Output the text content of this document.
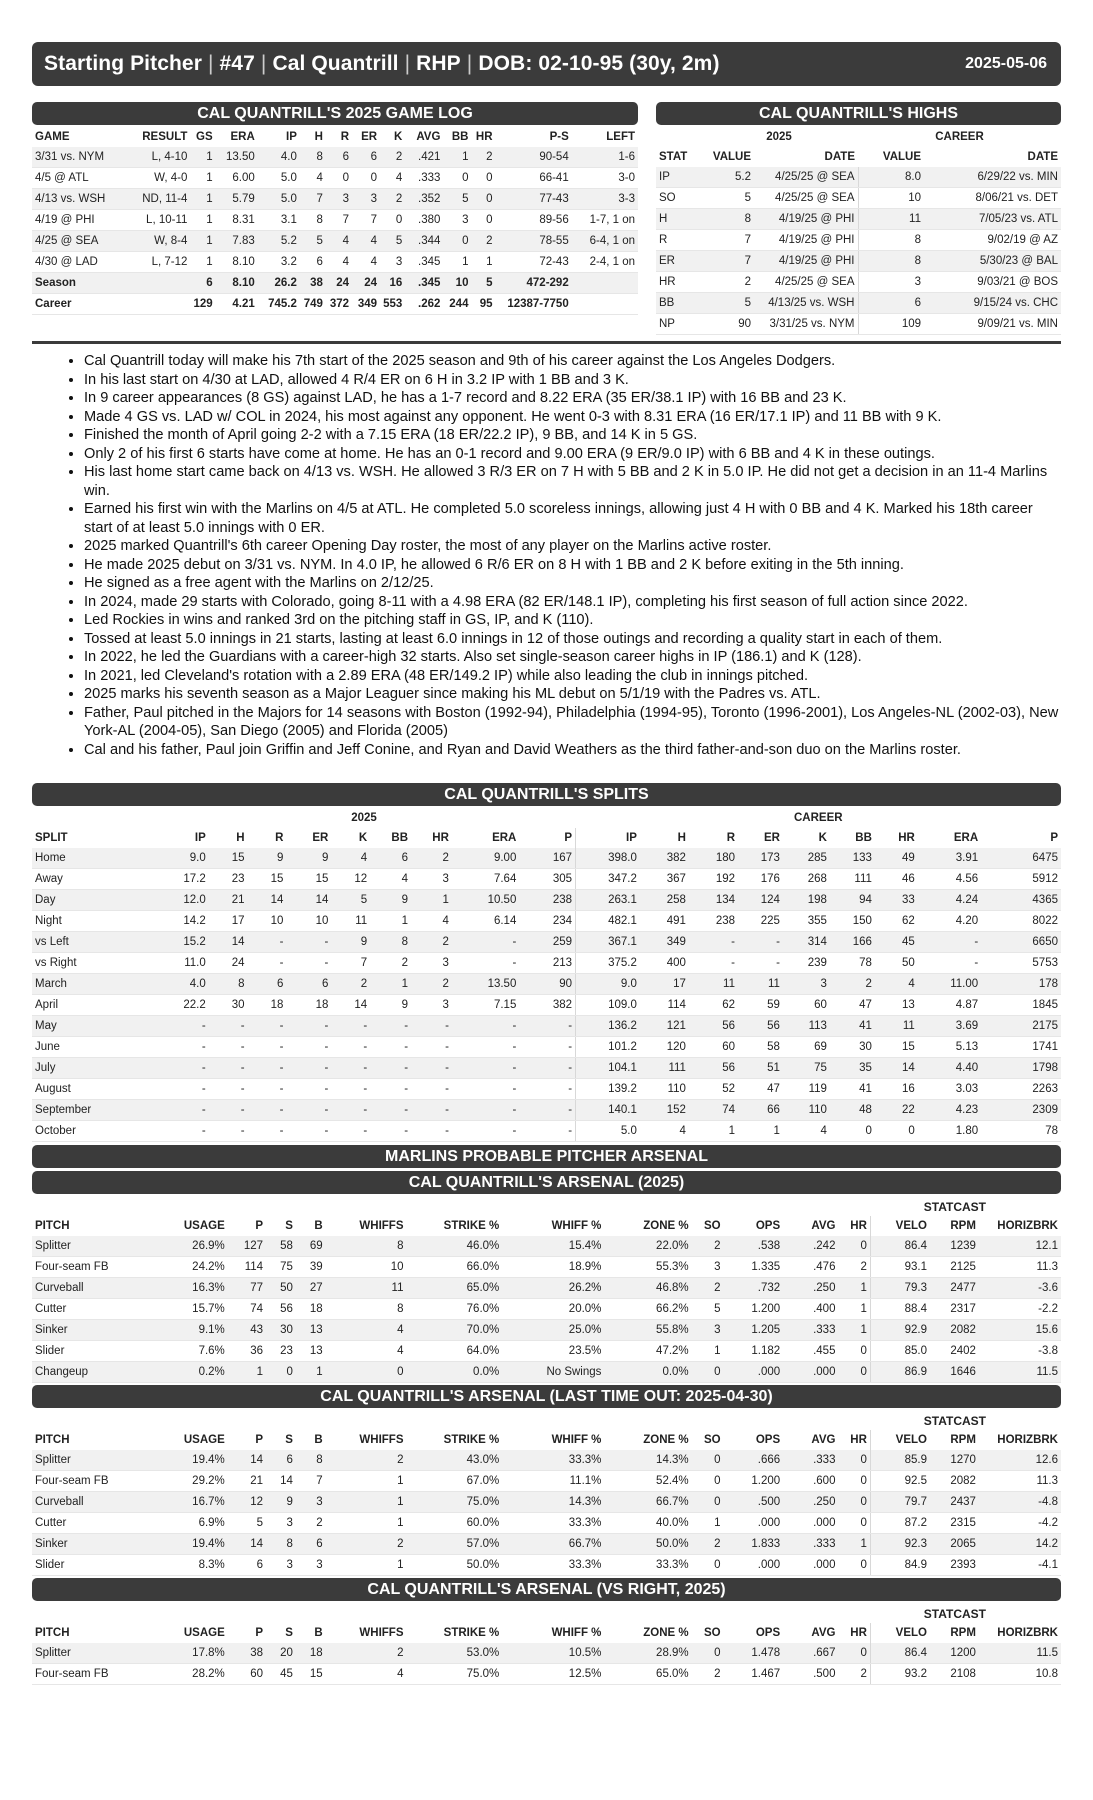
Starting Pitcher | #47 | Cal Quantrill | RHP | DOB: 02-10-95 (30y, 2m)	2025-05-06
CAL QUANTRILL'S 2025 GAME LOG
GAME	RESULT	GS	ERA	IP	H	R	ER	K	AVG	BB	HR	P-S	LEFT
3/31 vs. NYM	L, 4-10	1	13.50	4.0	8	6	6	2	.421	1	2	90-54	1-6
4/5 @ ATL	W, 4-0	1	6.00	5.0	4	0	0	4	.333	0	0	66-41	3-0
4/13 vs. WSH	ND, 11-4	1	5.79	5.0	7	3	3	2	.352	5	0	77-43	3-3
4/19 @ PHI	L, 10-11	1	8.31	3.1	8	7	7	0	.380	3	0	89-56	1-7, 1 on
4/25 @ SEA	W, 8-4	1	7.83	5.2	5	4	4	5	.344	0	2	78-55	6-4, 1 on
4/30 @ LAD	L, 7-12	1	8.10	3.2	6	4	4	3	.345	1	1	72-43	2-4, 1 on
Season		6	8.10	26.2	38	24	24	16	.345	10	5	472-292	
Career		129	4.21	745.2	749	372	349	553	.262	244	95	12387-7750	
CAL QUANTRILL'S HIGHS
	2025		CAREER	
STAT	VALUE	DATE	VALUE	DATE
IP	5.2	4/25/25 @ SEA	8.0	6/29/22 vs. MIN
SO	5	4/25/25 @ SEA	10	8/06/21 vs. DET
H	8	4/19/25 @ PHI	11	7/05/23 vs. ATL
R	7	4/19/25 @ PHI	8	9/02/19 @ AZ
ER	7	4/19/25 @ PHI	8	5/30/23 @ BAL
HR	2	4/25/25 @ SEA	3	9/03/21 @ BOS
BB	5	4/13/25 vs. WSH	6	9/15/24 vs. CHC
NP	90	3/31/25 vs. NYM	109	9/09/21 vs. MIN
• Cal Quantrill today will make his 7th start of the 2025 season and 9th of his career against the Los Angeles Dodgers.
• In his last start on 4/30 at LAD, allowed 4 R/4 ER on 6 H in 3.2 IP with 1 BB and 3 K.
• In 9 career appearances (8 GS) against LAD, he has a 1-7 record and 8.22 ERA (35 ER/38.1 IP) with 16 BB and 23 K.
• Made 4 GS vs. LAD w/ COL in 2024, his most against any opponent. He went 0-3 with 8.31 ERA (16 ER/17.1 IP) and 11 BB with 9 K.
• Finished the month of April going 2-2 with a 7.15 ERA (18 ER/22.2 IP), 9 BB, and 14 K in 5 GS.
• Only 2 of his first 6 starts have come at home. He has an 0-1 record and 9.00 ERA (9 ER/9.0 IP) with 6 BB and 4 K in these outings.
• His last home start came back on 4/13 vs. WSH. He allowed 3 R/3 ER on 7 H with 5 BB and 2 K in 5.0 IP. He did not get a decision in an 11-4 Marlins win.
• Earned his first win with the Marlins on 4/5 at ATL. He completed 5.0 scoreless innings, allowing just 4 H with 0 BB and 4 K. Marked his 18th career start of at least 5.0 innings with 0 ER.
• 2025 marked Quantrill's 6th career Opening Day roster, the most of any player on the Marlins active roster.
• He made 2025 debut on 3/31 vs. NYM. In 4.0 IP, he allowed 6 R/6 ER on 8 H with 1 BB and 2 K before exiting in the 5th inning.
• He signed as a free agent with the Marlins on 2/12/25.
• In 2024, made 29 starts with Colorado, going 8-11 with a 4.98 ERA (82 ER/148.1 IP), completing his first season of full action since 2022.
• Led Rockies in wins and ranked 3rd on the pitching staff in GS, IP, and K (110).
• Tossed at least 5.0 innings in 21 starts, lasting at least 6.0 innings in 12 of those outings and recording a quality start in each of them.
• In 2022, he led the Guardians with a career-high 32 starts. Also set single-season career highs in IP (186.1) and K (128).
• In 2021, led Cleveland's rotation with a 2.89 ERA (48 ER/149.2 IP) while also leading the club in innings pitched.
• 2025 marks his seventh season as a Major Leaguer since making his ML debut on 5/1/19 with the Padres vs. ATL.
• Father, Paul pitched in the Majors for 14 seasons with Boston (1992-94), Philadelphia (1994-95), Toronto (1996-2001), Los Angeles-NL (2002-03), New York-AL (2004-05), San Diego (2005) and Florida (2005)
• Cal and his father, Paul join Griffin and Jeff Conine, and Ryan and David Weathers as the third father-and-son duo on the Marlins roster.
CAL QUANTRILL'S SPLITS
	2025									CAREER								
SPLIT	IP	H	R	ER	K	BB	HR	ERA	P	IP	H	R	ER	K	BB	HR	ERA	P
Home	9.0	15	9	9	4	6	2	9.00	167	398.0	382	180	173	285	133	49	3.91	6475
Away	17.2	23	15	15	12	4	3	7.64	305	347.2	367	192	176	268	111	46	4.56	5912
Day	12.0	21	14	14	5	9	1	10.50	238	263.1	258	134	124	198	94	33	4.24	4365
Night	14.2	17	10	10	11	1	4	6.14	234	482.1	491	238	225	355	150	62	4.20	8022
vs Left	15.2	14	-	-	9	8	2	-	259	367.1	349	-	-	314	166	45	-	6650
vs Right	11.0	24	-	-	7	2	3	-	213	375.2	400	-	-	239	78	50	-	5753
March	4.0	8	6	6	2	1	2	13.50	90	9.0	17	11	11	3	2	4	11.00	178
April	22.2	30	18	18	14	9	3	7.15	382	109.0	114	62	59	60	47	13	4.87	1845
May	-	-	-	-	-	-	-	-	-	136.2	121	56	56	113	41	11	3.69	2175
June	-	-	-	-	-	-	-	-	-	101.2	120	60	58	69	30	15	5.13	1741
July	-	-	-	-	-	-	-	-	-	104.1	111	56	51	75	35	14	4.40	1798
August	-	-	-	-	-	-	-	-	-	139.2	110	52	47	119	41	16	3.03	2263
September	-	-	-	-	-	-	-	-	-	140.1	152	74	66	110	48	22	4.23	2309
October	-	-	-	-	-	-	-	-	-	5.0	4	1	1	4	0	0	1.80	78
MARLINS PROBABLE PITCHER ARSENAL
CAL QUANTRILL'S ARSENAL (2025)
STATCAST
PITCH	USAGE	P	S	B	WHIFFS	STRIKE %	WHIFF %	ZONE %	SO	OPS	AVG	HR	VELO	RPM	HORIZBRK
Splitter	26.9%	127	58	69	8	46.0%	15.4%	22.0%	2	.538	.242	0	86.4	1239	12.1
Four-seam FB	24.2%	114	75	39	10	66.0%	18.9%	55.3%	3	1.335	.476	2	93.1	2125	11.3
Curveball	16.3%	77	50	27	11	65.0%	26.2%	46.8%	2	.732	.250	1	79.3	2477	-3.6
Cutter	15.7%	74	56	18	8	76.0%	20.0%	66.2%	5	1.200	.400	1	88.4	2317	-2.2
Sinker	9.1%	43	30	13	4	70.0%	25.0%	55.8%	3	1.205	.333	1	92.9	2082	15.6
Slider	7.6%	36	23	13	4	64.0%	23.5%	47.2%	1	1.182	.455	0	85.0	2402	-3.8
Changeup	0.2%	1	0	1	0	0.0%	No Swings	0.0%	0	.000	.000	0	86.9	1646	11.5
CAL QUANTRILL'S ARSENAL (LAST TIME OUT: 2025-04-30)
STATCAST
PITCH	USAGE	P	S	B	WHIFFS	STRIKE %	WHIFF %	ZONE %	SO	OPS	AVG	HR	VELO	RPM	HORIZBRK
Splitter	19.4%	14	6	8	2	43.0%	33.3%	14.3%	0	.666	.333	0	85.9	1270	12.6
Four-seam FB	29.2%	21	14	7	1	67.0%	11.1%	52.4%	0	1.200	.600	0	92.5	2082	11.3
Curveball	16.7%	12	9	3	1	75.0%	14.3%	66.7%	0	.500	.250	0	79.7	2437	-4.8
Cutter	6.9%	5	3	2	1	60.0%	33.3%	40.0%	1	.000	.000	0	87.2	2315	-4.2
Sinker	19.4%	14	8	6	2	57.0%	66.7%	50.0%	2	1.833	.333	1	92.3	2065	14.2
Slider	8.3%	6	3	3	1	50.0%	33.3%	33.3%	0	.000	.000	0	84.9	2393	-4.1
CAL QUANTRILL'S ARSENAL (VS RIGHT, 2025)
STATCAST
PITCH	USAGE	P	S	B	WHIFFS	STRIKE %	WHIFF %	ZONE %	SO	OPS	AVG	HR	VELO	RPM	HORIZBRK
Splitter	17.8%	38	20	18	2	53.0%	10.5%	28.9%	0	1.478	.667	0	86.4	1200	11.5
Four-seam FB	28.2%	60	45	15	4	75.0%	12.5%	65.0%	2	1.467	.500	2	93.2	2108	10.8
